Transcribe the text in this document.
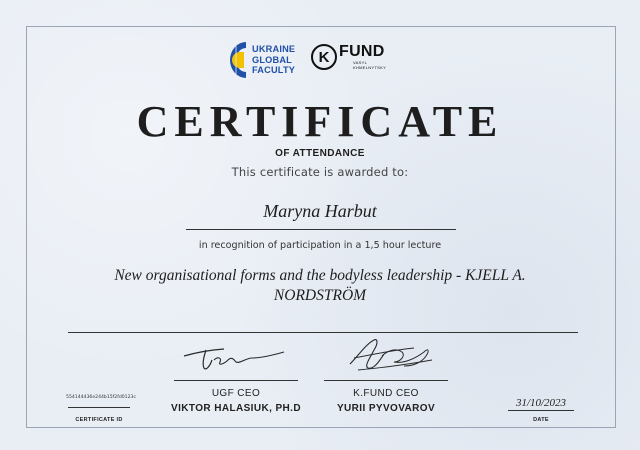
UKRAINE
GLOBAL
FACULTY
K FUND
VASYL
KHMELNYTSKY
CERTIFICATE
OF ATTENDANCE
This certificate is awarded to:
Maryna Harbut
in recognition of participation in a 1,5 hour lecture
New organisational forms and the bodyless leadership - KJELL A. NORDSTRÖM
UGF CEO
VIKTOR HALASIUK, PH.D
K.FUND CEO
YURII PYVOVAROV
554144436e244b15f2fd0123c
CERTIFICATE ID
31/10/2023
DATE
